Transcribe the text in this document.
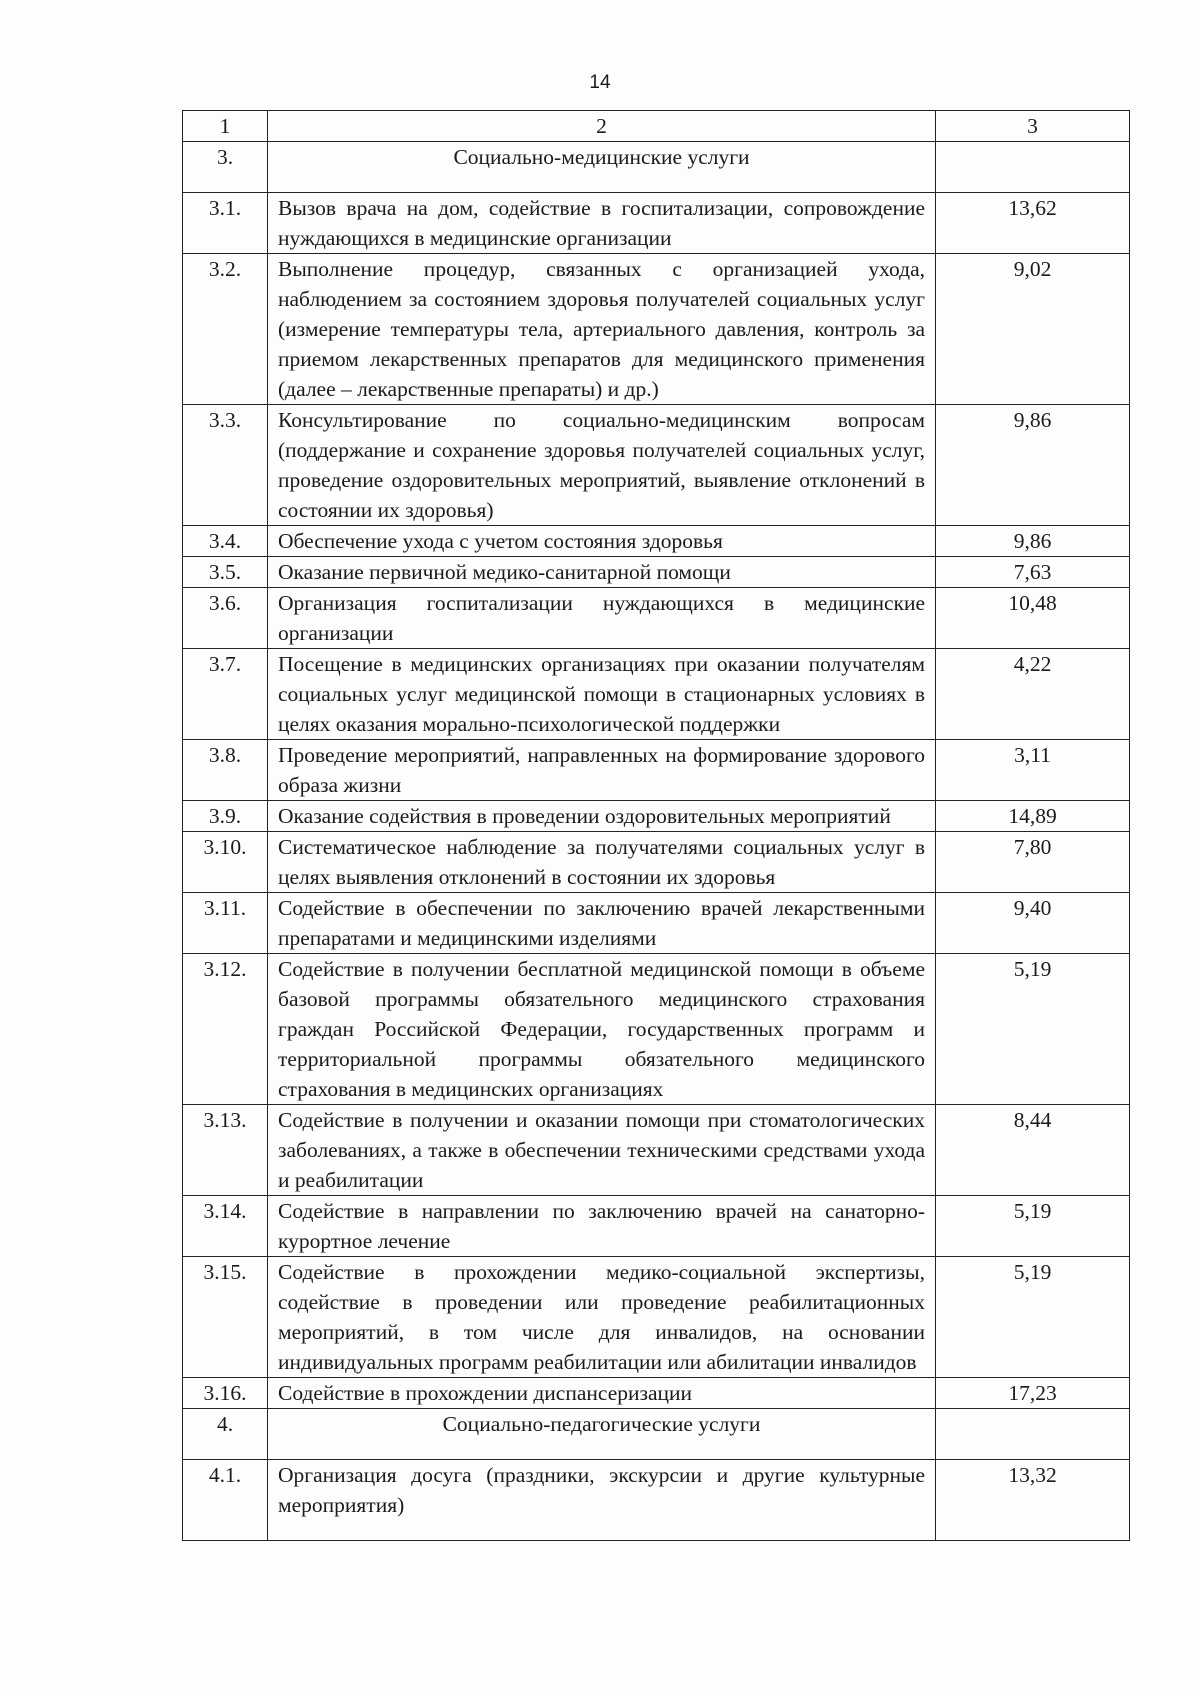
14
1	2	3
3.	Социально-медицинские услуги	
3.1.	Вызов врача на дом, содействие в госпитализации, сопровождение нуждающихся в медицинские организации	13,62
3.2.	Выполнение процедур, связанных с организацией ухода, наблюдением за состоянием здоровья получателей социальных услуг (измерение температуры тела, артериального давления, контроль за приемом лекарственных препаратов для медицинского применения (далее – лекарственные препараты) и др.)	9,02
3.3.	Консультирование по социально-медицинским вопросам (поддержание и сохранение здоровья получателей социальных услуг, проведение оздоровительных мероприятий, выявление отклонений в состоянии их здоровья)	9,86
3.4.	Обеспечение ухода с учетом состояния здоровья	9,86
3.5.	Оказание первичной медико-санитарной помощи	7,63
3.6.	Организация госпитализации нуждающихся в медицинские организации	10,48
3.7.	Посещение в медицинских организациях при оказании получателям социальных услуг медицинской помощи в стационарных условиях в целях оказания морально-психологической поддержки	4,22
3.8.	Проведение мероприятий, направленных на формирование здорового образа жизни	3,11
3.9.	Оказание содействия в проведении оздоровительных мероприятий	14,89
3.10.	Систематическое наблюдение за получателями социальных услуг в целях выявления отклонений в состоянии их здоровья	7,80
3.11.	Содействие в обеспечении по заключению врачей лекарственными препаратами и медицинскими изделиями	9,40
3.12.	Содействие в получении бесплатной медицинской помощи в объеме базовой программы обязательного медицинского страхования граждан Российской Федерации, государственных программ и территориальной программы обязательного медицинского страхования в медицинских организациях	5,19
3.13.	Содействие в получении и оказании помощи при стоматологических заболеваниях, а также в обеспечении техническими средствами ухода и реабилитации	8,44
3.14.	Содействие в направлении по заключению врачей на санаторно-курортное лечение	5,19
3.15.	Содействие в прохождении медико-социальной экспертизы, содействие в проведении или проведение реабилитационных мероприятий, в том числе для инвалидов, на основании индивидуальных программ реабилитации или абилитации инвалидов	5,19
3.16.	Содействие в прохождении диспансеризации	17,23
4.	Социально-педагогические услуги	
4.1.	Организация досуга (праздники, экскурсии и другие культурные мероприятия)	13,32
